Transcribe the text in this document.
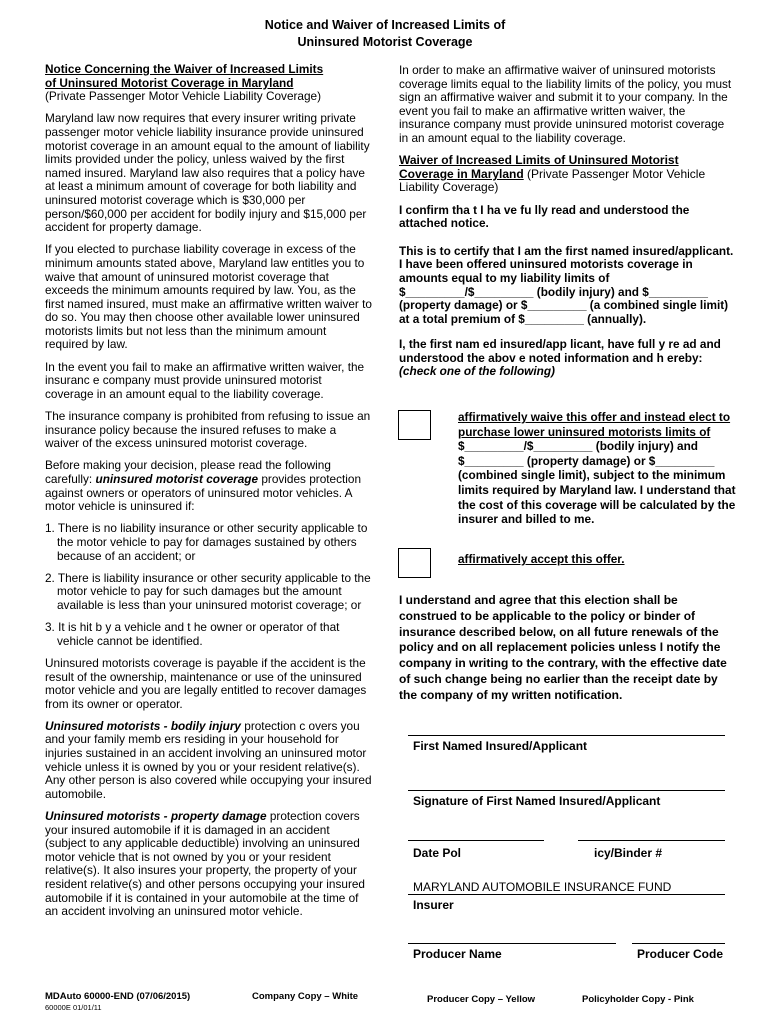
Notice and Waiver of Increased Limits of
Uninsured Motorist Coverage
Notice Concerning the Waiver of Increased Limits
of Uninsured Motorist Coverage in Maryland
(Private Passenger Motor Vehicle Liability Coverage)

Maryland law now requires that every insurer writing private passenger motor vehicle liability insurance provide uninsured motorist coverage in an amount equal to the amount of liability limits provided under the policy, unless waived by the first named insured. Maryland law also requires that a policy have at least a minimum amount of coverage for both liability and uninsured motorist coverage which is $30,000 per person/$60,000 per accident for bodily injury and $15,000 per accident for property damage.

If you elected to purchase liability coverage in excess of the minimum amounts stated above, Maryland law entitles you to waive that amount of uninsured motorist coverage that exceeds the minimum amounts required by law. You, as the first named insured, must make an affirmative written waiver to do so. You may then choose other available lower uninsured motorists limits but not less than the minimum amount required by law.

In the event you fail to make an affirmative written waiver, the insuranc e company must provide uninsured motorist coverage in an amount equal to the liability coverage.

The insurance company is prohibited from refusing to issue an insurance policy because the insured refuses to make a waiver of the excess uninsured motorist coverage.

Before making your decision, please read the following carefully: uninsured motorist coverage provides protection against owners or operators of uninsured motor vehicles. A motor vehicle is uninsured if:

1. There is no liability insurance or other security applicable to the motor vehicle to pay for damages sustained by others because of an accident; or

2. There is liability insurance or other security applicable to the motor vehicle to pay for such damages but the amount available is less than your uninsured motorist coverage; or

3. It is hit b y a vehicle and t he owner or operator of that vehicle cannot be identified.

Uninsured motorists coverage is payable if the accident is the result of the ownership, maintenance or use of the uninsured motor vehicle and you are legally entitled to recover damages from its owner or operator.

Uninsured motorists - bodily injury protection c overs you and your family memb ers residing in your household for injuries sustained in an accident involving an uninsured motor vehicle unless it is owned by you or your resident relative(s). Any other person is also covered while occupying your insured automobile.

Uninsured motorists - property damage protection covers your insured automobile if it is damaged in an accident (subject to any applicable deductible) involving an uninsured motor vehicle that is not owned by you or your resident relative(s). It also insures your property, the property of your resident relative(s) and other persons occupying your insured automobile if it is contained in your automobile at the time of an accident involving an uninsured motor vehicle.

In order to make an affirmative waiver of uninsured motorists coverage limits equal to the liability limits of the policy, you must sign an affirmative waiver and submit it to your company. In the event you fail to make an affirmative written waiver, the insurance company must provide uninsured motorist coverage in an amount equal to the liability coverage.

Waiver of Increased Limits of Uninsured Motorist
Coverage in Maryland (Private Passenger Motor Vehicle Liability Coverage)

I confirm tha t I ha ve fu lly read and understood the attached notice.

This is to certify that I am the first named insured/applicant. I have been offered uninsured motorists coverage in amounts equal to my liability limits of $_________/$_________ (bodily injury) and $_________ (property damage) or $_________ (a combined single limit) at a total premium of $_________ (annually).

I, the first nam ed insured/app licant, have full y re ad and understood the abov e noted information and h ereby: (check one of the following)

affirmatively waive this offer and instead elect to purchase lower uninsured motorists limits of $_________/$_________ (bodily injury) and $_________ (property damage) or $_________ (combined single limit), subject to the minimum limits required by Maryland law. I understand that the cost of this coverage will be calculated by the insurer and billed to me.
affirmatively accept this offer.
I understand and agree that this election shall be construed to be applicable to the policy or binder of insurance described below, on all future renewals of the policy and on all replacement policies unless I notify the company in writing to the contrary, with the effective date of such change being no earlier than the receipt date by the company of my written notification.
First Named Insured/Applicant
Signature of First Named Insured/Applicant
Date Pol	icy/Binder #
MARYLAND AUTOMOBILE INSURANCE FUND
Insurer
Producer Name	Producer Code
MDAuto 60000-END (07/06/2015)
60000E 01/01/11
Company Copy – White	Producer Copy – Yellow	Policyholder Copy - Pink
